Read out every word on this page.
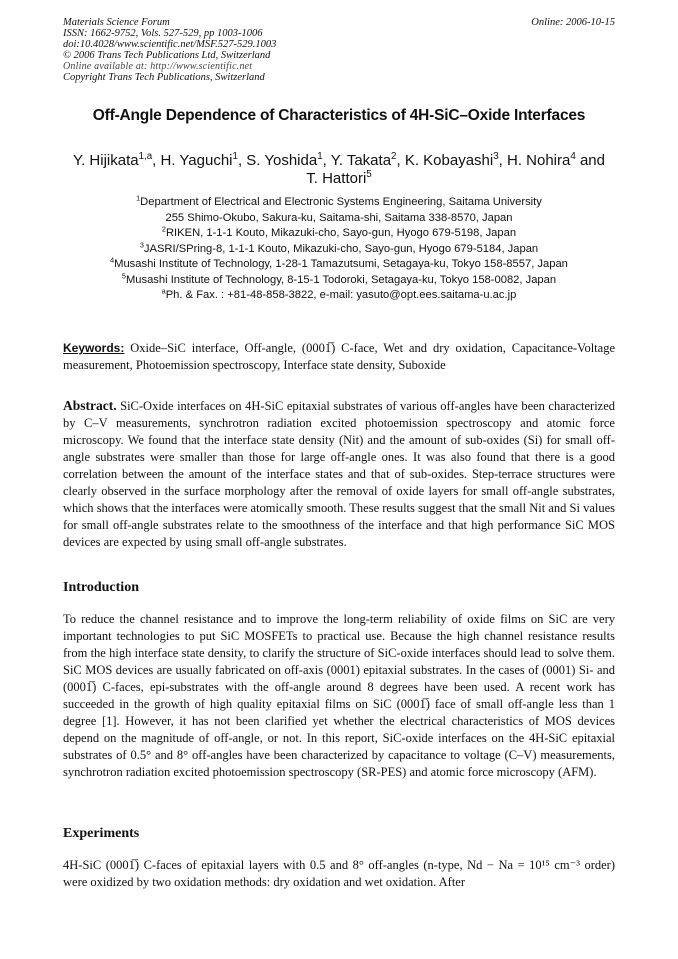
Materials Science Forum	Online: 2006-10-15
ISSN: 1662-9752, Vols. 527-529, pp 1003-1006
doi:10.4028/www.scientific.net/MSF.527-529.1003
© 2006 Trans Tech Publications Ltd, Switzerland
Online available at: http://www.scientific.net
Copyright Trans Tech Publications, Switzerland
Off-Angle Dependence of Characteristics of 4H-SiC–Oxide Interfaces
Y. Hijikata$^{1,a}$, H. Yaguchi$^1$, S. Yoshida$^1$, Y. Takata$^2$, K. Kobayashi$^3$, H. Nohira$^4$ and
T. Hattori$^5$
$^1$Department of Electrical and Electronic Systems Engineering, Saitama University
255 Shimo-Okubo, Sakura-ku, Saitama-shi, Saitama 338-8570, Japan
$^2$RIKEN, 1-1-1 Kouto, Mikazuki-cho, Sayo-gun, Hyogo 679-5198, Japan
$^3$JASRI/SPring-8, 1-1-1 Kouto, Mikazuki-cho, Sayo-gun, Hyogo 679-5184, Japan
$^4$Musashi Institute of Technology, 1-28-1 Tamazutsumi, Setagaya-ku, Tokyo 158-8557, Japan
$^5$Musashi Institute of Technology, 8-15-1 Todoroki, Setagaya-ku, Tokyo 158-0082, Japan
$^a$Ph. & Fax. : +81-48-858-3822, e-mail: yasuto@opt.ees.saitama-u.ac.jp
Keywords: Oxide–SiC interface, Off-angle, (0001̅) C-face, Wet and dry oxidation, Capacitance-Voltage measurement, Photoemission spectroscopy, Interface state density, Suboxide
Abstract. SiC-Oxide interfaces on 4H-SiC epitaxial substrates of various off-angles have been characterized by C–V measurements, synchrotron radiation excited photoemission spectroscopy and atomic force microscopy. We found that the interface state density (Nit) and the amount of sub-oxides (Si) for small off-angle substrates were smaller than those for large off-angle ones. It was also found that there is a good correlation between the amount of the interface states and that of sub-oxides. Step-terrace structures were clearly observed in the surface morphology after the removal of oxide layers for small off-angle substrates, which shows that the interfaces were atomically smooth. These results suggest that the small Nit and Si values for small off-angle substrates relate to the smoothness of the interface and that high performance SiC MOS devices are expected by using small off-angle substrates.
Introduction

To reduce the channel resistance and to improve the long-term reliability of oxide films on SiC are very important technologies to put SiC MOSFETs to practical use. Because the high channel resistance results from the high interface state density, to clarify the structure of SiC-oxide interfaces should lead to solve them. SiC MOS devices are usually fabricated on off-axis (0001) epitaxial substrates. In the cases of (0001) Si- and (0001̅) C-faces, epi-substrates with the off-angle around 8 degrees have been used. A recent work has succeeded in the growth of high quality epitaxial films on SiC (0001̅) face of small off-angle less than 1 degree [1]. However, it has not been clarified yet whether the electrical characteristics of MOS devices depend on the magnitude of off-angle, or not. In this report, SiC-oxide interfaces on the 4H-SiC epitaxial substrates of 0.5° and 8° off-angles have been characterized by capacitance to voltage (C–V) measurements, synchrotron radiation excited photoemission spectroscopy (SR-PES) and atomic force microscopy (AFM).

Experiments

4H-SiC (0001̅) C-faces of epitaxial layers with 0.5 and 8° off-angles (n-type, Nd − Na = 10¹⁵ cm⁻³ order) were oxidized by two oxidation methods: dry oxidation and wet oxidation. After
